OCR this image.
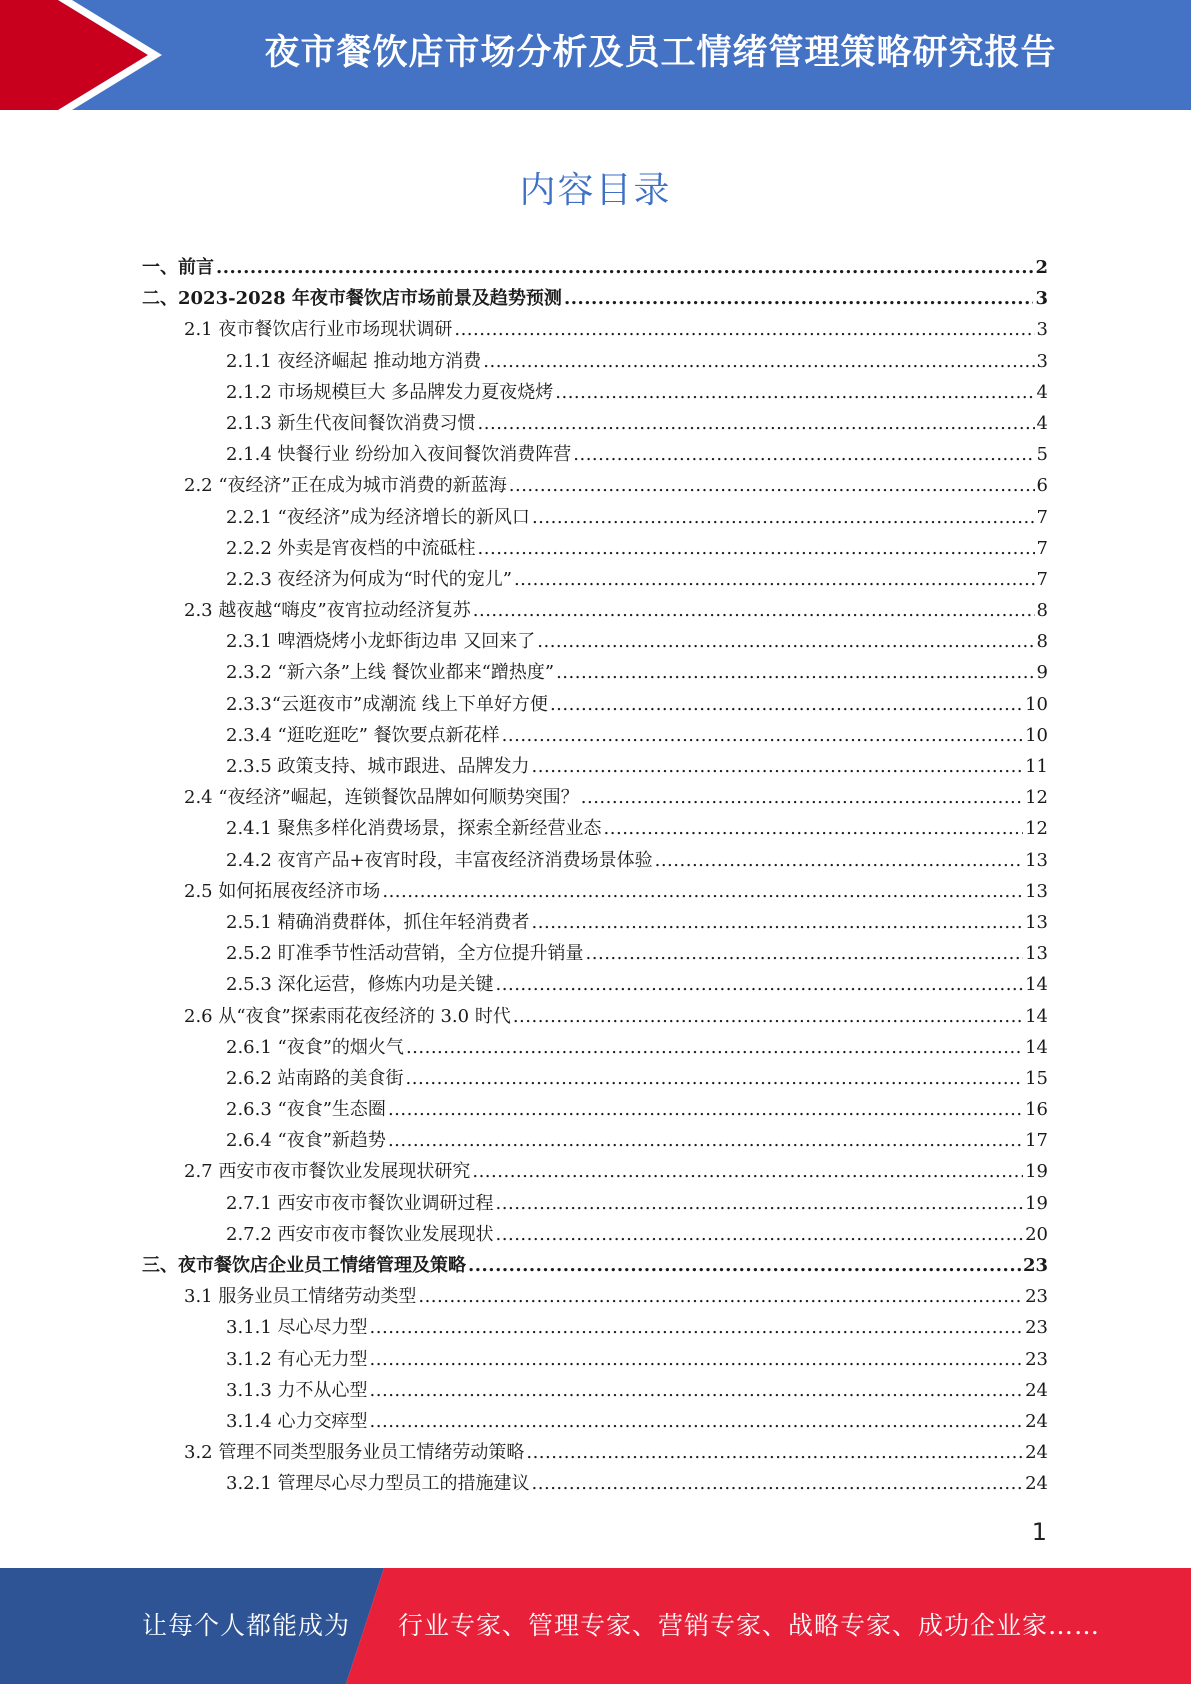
夜市餐饮店市场分析及员工情绪管理策略研究报告
内容目录
一、前言 .....	2
二、2023-2028 年夜市餐饮店市场前景及趋势预测 .....	3
2.1 夜市餐饮店行业市场现状调研 .....	3
2.1.1 夜经济崛起 推动地方消费 .....	3
2.1.2 市场规模巨大 多品牌发力夏夜烧烤 .....	4
2.1.3 新生代夜间餐饮消费习惯 .....	4
2.1.4 快餐行业 纷纷加入夜间餐饮消费阵营 .....	5
2.2 “夜经济”正在成为城市消费的新蓝海 .....	6
2.2.1 “夜经济”成为经济增长的新风口 .....	7
2.2.2 外卖是宵夜档的中流砥柱 .....	7
2.2.3 夜经济为何成为“时代的宠儿” .....	7
2.3 越夜越“嗨皮”夜宵拉动经济复苏 .....	8
2.3.1 啤酒烧烤小龙虾街边串 又回来了 .....	8
2.3.2 “新六条”上线 餐饮业都来“蹭热度” .....	9
2.3.3“云逛夜市”成潮流 线上下单好方便 .....	10
2.3.4 “逛吃逛吃” 餐饮要点新花样 .....	10
2.3.5 政策支持、城市跟进、品牌发力 .....	11
2.4 “夜经济”崛起，连锁餐饮品牌如何顺势突围？ .....	12
2.4.1 聚焦多样化消费场景，探索全新经营业态 .....	12
2.4.2 夜宵产品+夜宵时段，丰富夜经济消费场景体验 .....	13
2.5 如何拓展夜经济市场 .....	13
2.5.1 精确消费群体，抓住年轻消费者 .....	13
2.5.2 盯准季节性活动营销，全方位提升销量 .....	13
2.5.3 深化运营，修炼内功是关键 .....	14
2.6 从“夜食”探索雨花夜经济的 3.0 时代 .....	14
2.6.1 “夜食”的烟火气 .....	14
2.6.2 站南路的美食街 .....	15
2.6.3 “夜食”生态圈 .....	16
2.6.4 “夜食”新趋势 .....	17
2.7 西安市夜市餐饮业发展现状研究 .....	19
2.7.1 西安市夜市餐饮业调研过程 .....	19
2.7.2 西安市夜市餐饮业发展现状 .....	20
三、夜市餐饮店企业员工情绪管理及策略 .....	23
3.1 服务业员工情绪劳动类型 .....	23
3.1.1 尽心尽力型 .....	23
3.1.2 有心无力型 .....	23
3.1.3 力不从心型 .....	24
3.1.4 心力交瘁型 .....	24
3.2 管理不同类型服务业员工情绪劳动策略 .....	24
3.2.1 管理尽心尽力型员工的措施建议 .....	24
1
让每个人都能成为 行业专家、管理专家、营销专家、战略专家、成功企业家……
